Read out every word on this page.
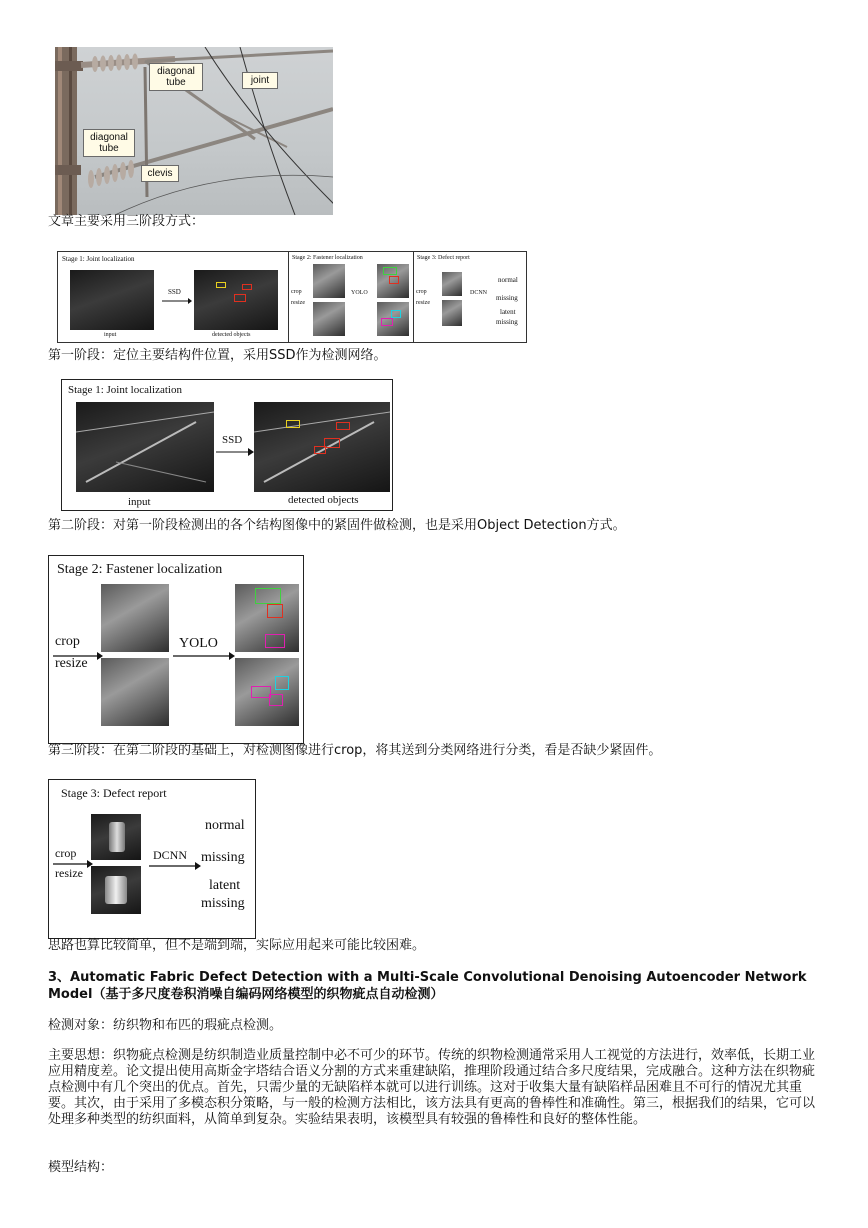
diagonal
tube	joint
diagonal
tube
clevis
文章主要采用三阶段方式：
Stage 1: Joint localization
input
SSD
detected objects
Stage 2: Fastener localization
crop
resize
YOLO
Stage 3: Defect report
crop
resize
DCNN
normal
missing
latent
missing
第一阶段：定位主要结构件位置，采用SSD作为检测网络。
Stage 1: Joint localization
input
SSD
detected objects
第二阶段：对第一阶段检测出的各个结构图像中的紧固件做检测，也是采用Object Detection方式。
Stage 2: Fastener localization
crop
resize
YOLO
第三阶段：在第二阶段的基础上，对检测图像进行crop，将其送到分类网络进行分类，看是否缺少紧固件。
Stage 3: Defect report
crop
resize
DCNN
normal
missing
latent
missing
思路也算比较简单，但不是端到端，实际应用起来可能比较困难。
3、Automatic Fabric Defect Detection with a Multi-Scale Convolutional Denoising Autoencoder Network Model（基于多尺度卷积消噪自编码网络模型的织物疵点自动检测）
检测对象：纺织物和布匹的瑕疵点检测。
主要思想：织物疵点检测是纺织制造业质量控制中必不可少的环节。传统的织物检测通常采用人工视觉的方法进行，效率低，长期工业应用精度差。论文提出使用高斯金字塔结合语义分割的方式来重建缺陷，推理阶段通过结合多尺度结果，完成融合。这种方法在织物疵点检测中有几个突出的优点。首先，只需少量的无缺陷样本就可以进行训练。这对于收集大量有缺陷样品困难且不可行的情况尤其重要。其次，由于采用了多模态积分策略，与一般的检测方法相比，该方法具有更高的鲁棒性和准确性。第三，根据我们的结果，它可以处理多种类型的纺织面料，从简单到复杂。实验结果表明，该模型具有较强的鲁棒性和良好的整体性能。
模型结构：
